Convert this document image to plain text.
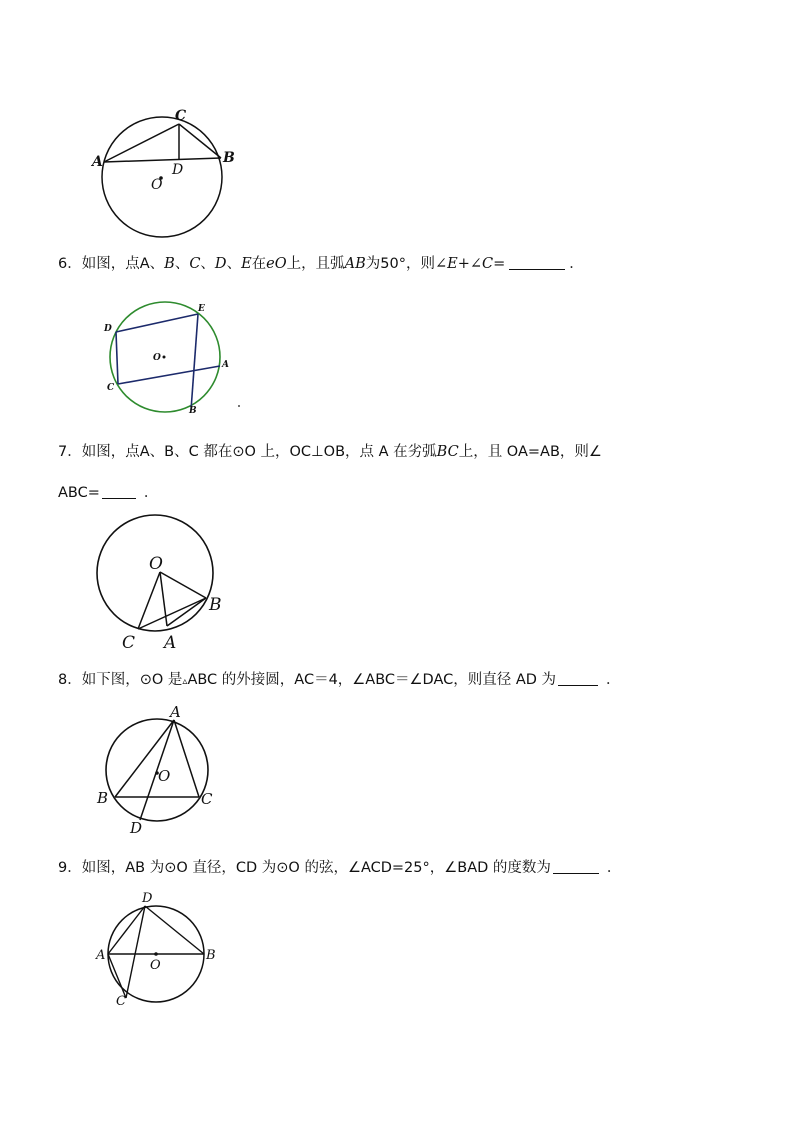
C
A	B
D
O
6．如图，点A、B、C、D、E在eO上，且弧AB为50°，则∠E+∠C=	．
E
D
C
A
B
O
7．如图，点A、B、C 都在⊙O 上，OC⊥OB，点 A 在劣弧BC上，且 OA=AB，则∠
ABC=	．
O
B
C A
8．如下图，⊙O 是▵ABC 的外接圆，AC＝4，∠ABC＝∠DAC，则直径 AD 为	．
A
O
B	C
D
9．如图，AB 为⊙O 直径，CD 为⊙O 的弦，∠ACD=25°，∠BAD 的度数为	．
D
A	B
O
C
